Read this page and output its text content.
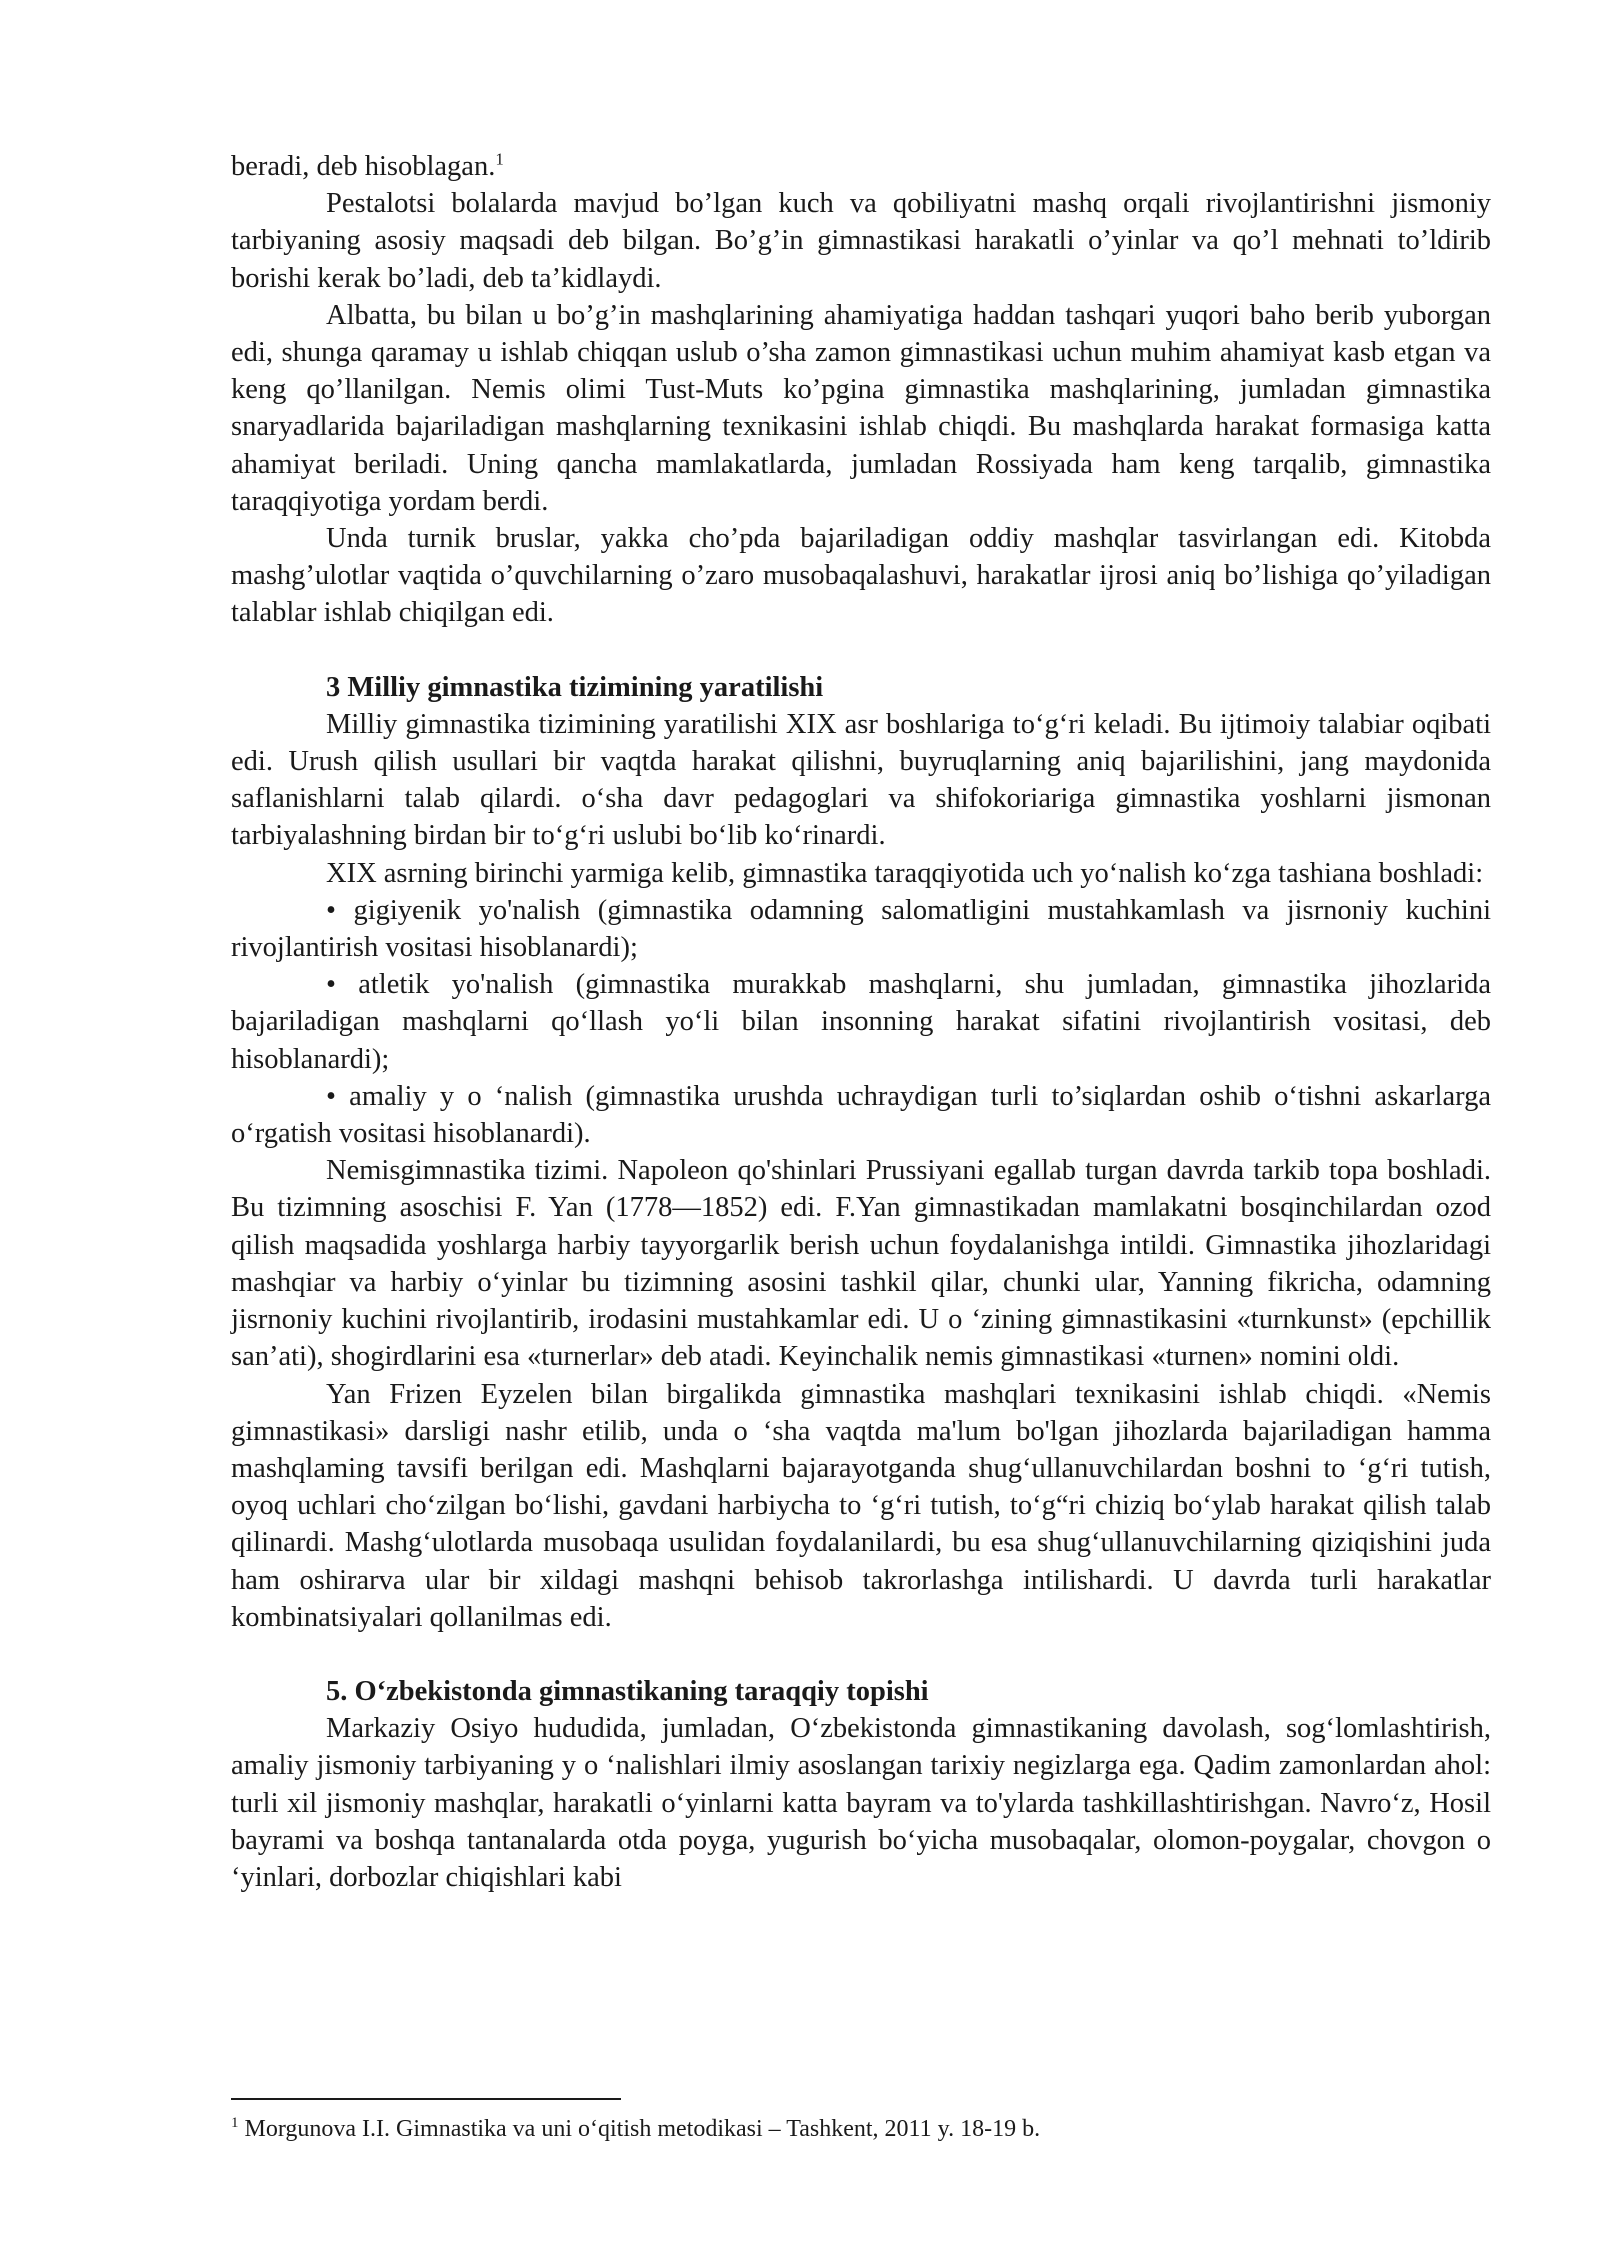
beradi, deb hisoblagan.$^1$

Pestalotsi bolalarda mavjud bo’lgan kuch va qobiliyatni mashq orqali rivojlantirishni jismoniy tarbiyaning asosiy maqsadi deb bilgan. Bo’g’in gimnastikasi harakatli o’yinlar va qo’l mehnati to’ldirib borishi kerak bo’ladi, deb ta’kidlaydi.

Albatta, bu bilan u bo’g’in mashqlarining ahamiyatiga haddan tashqari yuqori baho berib yuborgan edi, shunga qaramay u ishlab chiqqan uslub o’sha zamon gimnastikasi uchun muhim ahamiyat kasb etgan va keng qo’llanilgan. Nemis olimi Tust-Muts ko’pgina gimnastika mashqlarining, jumladan gimnastika snaryadlarida bajariladigan mashqlarning texnikasini ishlab chiqdi. Bu mashqlarda harakat formasiga katta ahamiyat beriladi. Uning qancha mamlakatlarda, jumladan Rossiyada ham keng tarqalib, gimnastika taraqqiyotiga yordam berdi.

Unda turnik bruslar, yakka cho’pda bajariladigan oddiy mashqlar tasvirlangan edi. Kitobda mashg’ulotlar vaqtida o’quvchilarning o’zaro musobaqalashuvi, harakatlar ijrosi aniq bo’lishiga qo’yiladigan talablar ishlab chiqilgan edi.

3 Milliy gimnastika tizimining yaratilishi

Milliy gimnastika tizimining yaratilishi XIX asr boshlariga to‘g‘ri keladi. Bu ijtimoiy talabiar oqibati edi. Urush qilish usullari bir vaqtda harakat qilishni, buyruqlarning aniq bajarilishini, jang maydonida saflanishlarni talab qilardi. o‘sha davr pedagoglari va shifokoriariga gimnastika yoshlarni jismonan tarbiyalashning birdan bir to‘g‘ri uslubi bo‘lib ko‘rinardi.

XIX asrning birinchi yarmiga kelib, gimnastika taraqqiyotida uch yo‘nalish ko‘zga tashiana boshladi:

• gigiyenik yo'nalish (gimnastika odamning salomatligini mustahkamlash va jisrnoniy kuchini rivojlantirish vositasi hisoblanardi);

• atletik yo'nalish (gimnastika murakkab mashqlarni, shu jumladan, gimnastika jihozlarida bajariladigan mashqlarni qo‘llash yo‘li bilan insonning harakat sifatini rivojlantirish vositasi, deb hisoblanardi);

• amaliy y o ‘nalish (gimnastika urushda uchraydigan turli to’siqlardan oshib o‘tishni askarlarga o‘rgatish vositasi hisoblanardi).

Nemisgimnastika tizimi. Napoleon qo'shinlari Prussiyani egallab turgan davrda tarkib topa boshladi. Bu tizimning asoschisi F. Yan (1778—1852) edi. F.Yan gimnastikadan mamlakatni bosqinchilardan ozod qilish maqsadida yoshlarga harbiy tayyorgarlik berish uchun foydalanishga intildi. Gimnastika jihozlaridagi mashqiar va harbiy o‘yinlar bu tizimning asosini tashkil qilar, chunki ular, Yanning fikricha, odamning jisrnoniy kuchini rivojlantirib, irodasini mustahkamlar edi. U o ‘zining gimnastikasini «turnkunst» (epchillik san’ati), shogirdlarini esa «turnerlar» deb atadi. Keyinchalik nemis gimnastikasi «turnen» nomini oldi.

Yan Frizen Eyzelen bilan birgalikda gimnastika mashqlari texnikasini ishlab chiqdi. «Nemis gimnastikasi» darsligi nashr etilib, unda o ‘sha vaqtda ma'lum bo'lgan jihozlarda bajariladigan hamma mashqlaming tavsifi berilgan edi. Mashqlarni bajarayotganda shug‘ullanuvchilardan boshni to ‘g‘ri tutish, oyoq uchlari cho‘zilgan bo‘lishi, gavdani harbiycha to ‘g‘ri tutish, to‘g“ri chiziq bo‘ylab harakat qilish talab qilinardi. Mashg‘ulotlarda musobaqa usulidan foydalanilardi, bu esa shug‘ullanuvchilarning qiziqishini juda ham oshirarva ular bir xildagi mashqni behisob takrorlashga intilishardi. U davrda turli harakatlar kombinatsiyalari qollanilmas edi.

5. O‘zbekistonda gimnastikaning taraqqiy topishi

Markaziy Osiyo hududida, jumladan, O‘zbekistonda gimnastikaning davolash, sog‘lomlashtirish, amaliy jismoniy tarbiyaning y o ‘nalishlari ilmiy asoslangan tarixiy negizlarga ega. Qadim zamonlardan ahol: turli xil jismoniy mashqlar, harakatli o‘yinlarni katta bayram va to'ylarda tashkillashtirishgan. Navro‘z, Hosil bayrami va boshqa tantanalarda otda poyga, yugurish bo‘yicha musobaqalar, olomon-poygalar, chovgon o ‘yinlari, dorbozlar chiqishlari kabi

$^1$ Morgunova I.I. Gimnastika va uni o‘qitish metodikasi – Tashkent, 2011 y. 18-19 b.
